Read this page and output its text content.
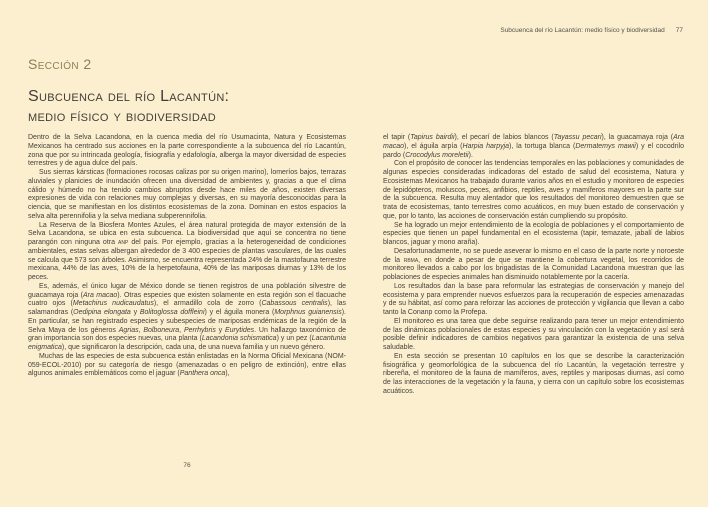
Subcuenca del río Lacantún: medio físico y biodiversidad 77
Sección 2
Subcuenca del río Lacantún:
medio físico y biodiversidad

Dentro de la Selva Lacandona, en la cuenca media del río Usumacinta, Natura y Ecosistemas Mexicanos ha centrado sus acciones en la parte correspondiente a la subcuenca del río Lacantún, zona que por su intrincada geología, fisiografía y edafología, alberga la mayor diversidad de especies terrestres y de agua dulce del país.

Sus sierras kársticas (formaciones rocosas calizas por su origen marino), lomeríos bajos, terrazas aluviales y planicies de inundación ofrecen una diversidad de ambientes y, gracias a que el clima cálido y húmedo no ha tenido cambios abruptos desde hace miles de años, existen diversas expresiones de vida con relaciones muy complejas y diversas, en su mayoría desconocidas para la ciencia, que se manifiestan en los distintos ecosistemas de la zona. Dominan en estos espacios la selva alta perennifolia y la selva mediana subperennifolia.

La Reserva de la Biosfera Montes Azules, el área natural protegida de mayor extensión de la Selva Lacandona, se ubica en esta subcuenca. La biodiversidad que aquí se concentra no tiene parangón con ninguna otra anp del país. Por ejemplo, gracias a la heterogeneidad de condiciones ambientales, estas selvas albergan alrededor de 3 400 especies de plantas vasculares, de las cuales se calcula que 573 son árboles. Asimismo, se encuentra representada 24% de la mastofauna terrestre mexicana, 44% de las aves, 10% de la herpetofauna, 40% de las mariposas diurnas y 13% de los peces.

Es, además, el único lugar de México donde se tienen registros de una población silvestre de guacamaya roja (Ara macao). Otras especies que existen solamente en esta región son el tlacuache cuatro ojos (Metachirus nudicaudatus), el armadillo cola de zorro (Cabassous centralis), las salamandras (Oedipina elongata y Bolitoglossa doffleini) y el águila monera (Morphnus guianensis). En particular, se han registrado especies y subespecies de mariposas endémicas de la región de la Selva Maya de los géneros Agrias, Bolboneura, Perrhybris y Eurytides. Un hallazgo taxonómico de gran importancia son dos especies nuevas, una planta (Lacandonia schismatica) y un pez (Lacantunia enigmatica), que significaron la descripción, cada una, de una nueva familia y un nuevo género.

Muchas de las especies de esta subcuenca están enlistadas en la Norma Oficial Mexicana (NOM-059-ECOL-2010) por su categoría de riesgo (amenazadas o en peligro de extinción), entre ellas algunos animales emblemáticos como el jaguar (Panthera onca),

el tapir (Tapirus bairdii), el pecarí de labios blancos (Tayassu pecari), la guacamaya roja (Ara macao), el águila arpía (Harpia harpyja), la tortuga blanca (Dermatemys mawii) y el cocodrilo pardo (Crocodylus moreletii).

Con el propósito de conocer las tendencias temporales en las poblaciones y comunidades de algunas especies consideradas indicadoras del estado de salud del ecosistema, Natura y Ecosistemas Mexicanos ha trabajado durante varios años en el estudio y monitoreo de especies de lepidópteros, moluscos, peces, anfibios, reptiles, aves y mamíferos mayores en la parte sur de la subcuenca. Resulta muy alentador que los resultados del monitoreo demuestren que se trata de ecosistemas, tanto terrestres como acuáticos, en muy buen estado de conservación y que, por lo tanto, las acciones de conservación están cumpliendo su propósito.

Se ha logrado un mejor entendimiento de la ecología de poblaciones y el comportamiento de especies que tienen un papel fundamental en el ecosistema (tapir, temazate, jabalí de labios blancos, jaguar y mono araña).

Desafortunadamente, no se puede aseverar lo mismo en el caso de la parte norte y noroeste de la rbma, en donde a pesar de que se mantiene la cobertura vegetal, los recorridos de monitoreo llevados a cabo por los brigadistas de la Comunidad Lacandona muestran que las poblaciones de especies animales han disminuido notablemente por la cacería.

Los resultados dan la base para reformular las estrategias de conservación y manejo del ecosistema y para emprender nuevos esfuerzos para la recuperación de especies amenazadas y de su hábitat, así como para reforzar las acciones de protección y vigilancia que llevan a cabo tanto la Conanp como la Profepa.

El monitoreo es una tarea que debe seguirse realizando para tener un mejor entendimiento de las dinámicas poblacionales de estas especies y su vinculación con la vegetación y así será posible definir indicadores de cambios negativos para garantizar la existencia de una selva saludable.

En esta sección se presentan 10 capítulos en los que se describe la caracterización fisiográfica y geomorfológica de la subcuenca del río Lacantún, la vegetación terrestre y ribereña, el monitoreo de la fauna de mamíferos, aves, reptiles y mariposas diurnas, así como de las interacciones de la vegetación y la fauna, y cierra con un capítulo sobre los ecosistemas acuáticos.

76
